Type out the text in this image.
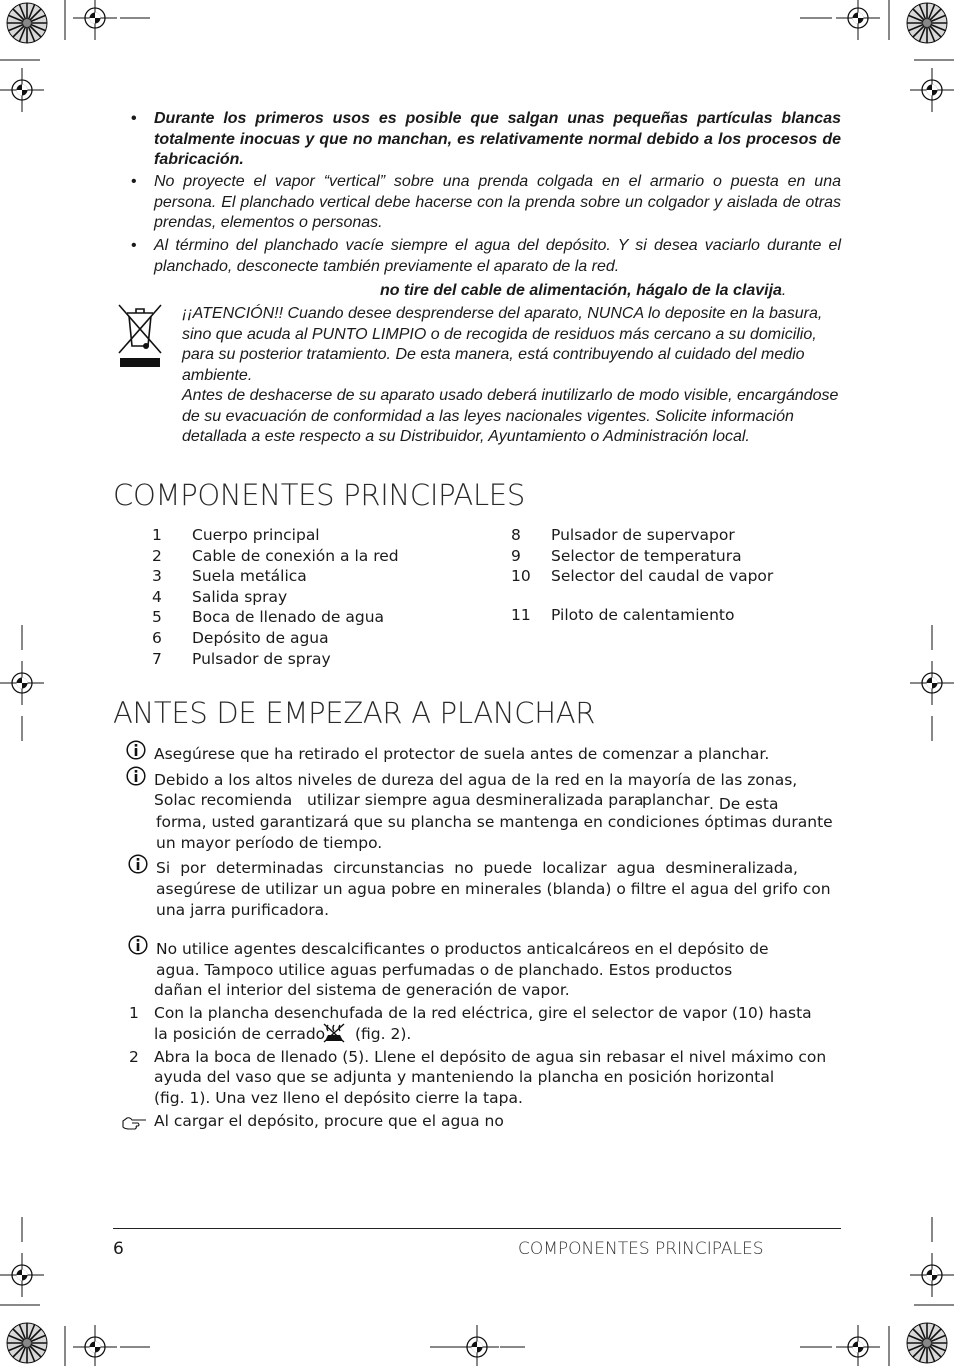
• Durante los primeros usos es posible que salgan unas pequeñas partículas blancas totalmente inocuas y que no manchan, es relativamente normal debido a los procesos de fabricación.
• No proyecte el vapor “vertical” sobre una prenda colgada en el armario o puesta en una persona. El planchado vertical debe hacerse con la prenda sobre un colgador y aislada de otras prendas, elementos o personas.
• Al término del planchado vacíe siempre el agua del depósito. Y si desea vaciarlo durante el planchado, desconecte también previamente el aparato de la red.
no tire del cable de alimentación, hágalo de la clavija.
¡¡ATENCIÓN!! Cuando desee desprenderse del aparato, NUNCA lo deposite en la basura, sino que acuda al PUNTO LIMPIO o de recogida de residuos más cercano a su domicilio, para su posterior tratamiento. De esta manera, está contribuyendo al cuidado del medio ambiente.
Antes de deshacerse de su aparato usado deberá inutilizarlo de modo visible, encargándose de su evacuación de conformidad a las leyes nacionales vigentes. Solicite información detallada a este respecto a su Distribuidor, Ayuntamiento o Administración local.
COMPONENTES PRINCIPALES
1 Cuerpo principal
2 Cable de conexión a la red
3 Suela metálica
4 Salida spray
5 Boca de llenado de agua
6 Depósito de agua
7 Pulsador de spray
8 Pulsador de supervapor
9 Selector de temperatura
10 Selector del caudal de vapor
11 Piloto de calentamiento
ANTES DE EMPEZAR A PLANCHAR
Asegúrese que ha retirado el protector de suela antes de comenzar a planchar.
Debido a los altos niveles de dureza del agua de la red en la mayoría de las zonas,
Solac recomienda utilizar siempre agua desmineralizada para
planchar . De esta
forma, usted garantizará que su plancha se mantenga en condiciones óptimas durante
un mayor período de tiempo.
Si por determinadas circunstancias no puede localizar agua desmineralizada,
asegúrese de utilizar un agua pobre en minerales (blanda) o filtre el agua del grifo con
una jarra purificadora.
No utilice agentes descalcificantes o productos anticalcáreos en el depósito de
agua. Tampoco utilice aguas perfumadas o de planchado. Estos productos
dañan el interior del sistema de generación de vapor.
1 Con la plancha desenchufada de la red eléctrica, gire el selector de vapor (10) hasta
la posición de cerrado (fig. 2).
2 Abra la boca de llenado (5). Llene el depósito de agua sin rebasar el nivel máximo con
ayuda del vaso que se adjunta y manteniendo la plancha en posición horizontal
(fig. 1). Una vez lleno el depósito cierre la tapa.
Al cargar el depósito, procure que el agua no
6	COMPONENTES PRINCIPALES
